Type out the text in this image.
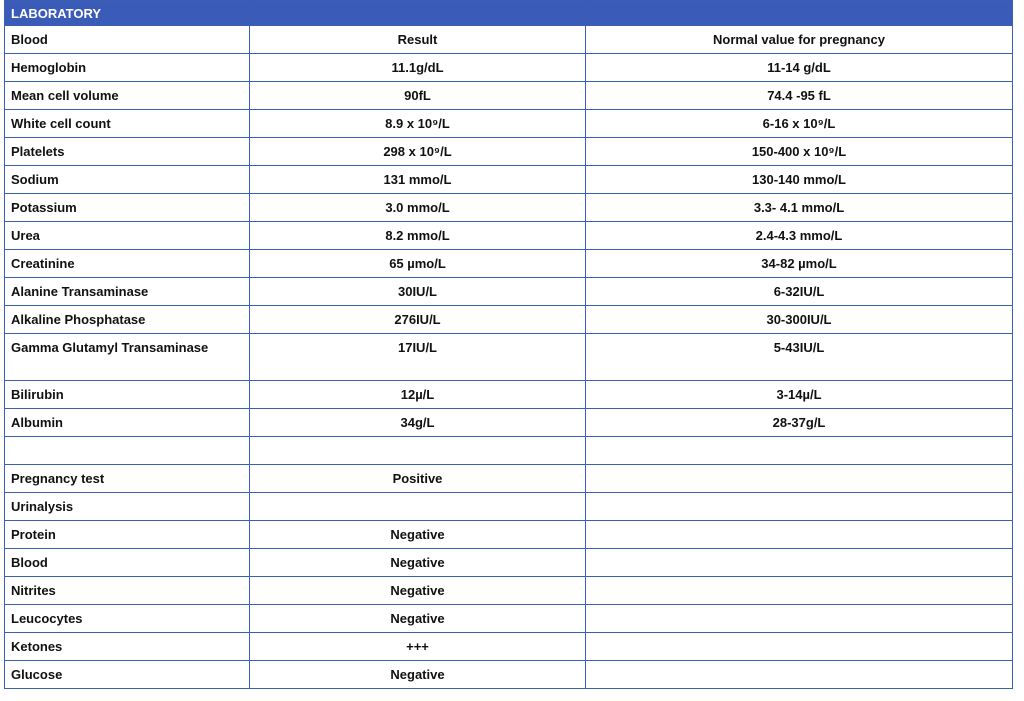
LABORATORY		
Blood	Result	Normal value for pregnancy
Hemoglobin	11.1g/dL	11-14 g/dL
Mean cell volume	90fL	74.4 -95 fL
White cell count	8.9 x 10⁹/L	6-16 x 10⁹/L
Platelets	298 x 10⁹/L	150-400 x 10⁹/L
Sodium	131 mmo/L	130-140 mmo/L
Potassium	3.0 mmo/L	3.3- 4.1 mmo/L
Urea	8.2 mmo/L	2.4-4.3 mmo/L
Creatinine	65 µmo/L	34-82 µmo/L
Alanine Transaminase	30IU/L	6-32IU/L
Alkaline Phosphatase	276IU/L	30-300IU/L
Gamma Glutamyl Transaminase	17IU/L	5-43IU/L
Bilirubin	12µ/L	3-14µ/L
Albumin	34g/L	28-37g/L

Pregnancy test	Positive	
Urinalysis		
Protein	Negative	
Blood	Negative	
Nitrites	Negative	
Leucocytes	Negative	
Ketones	+++	
Glucose	Negative	
